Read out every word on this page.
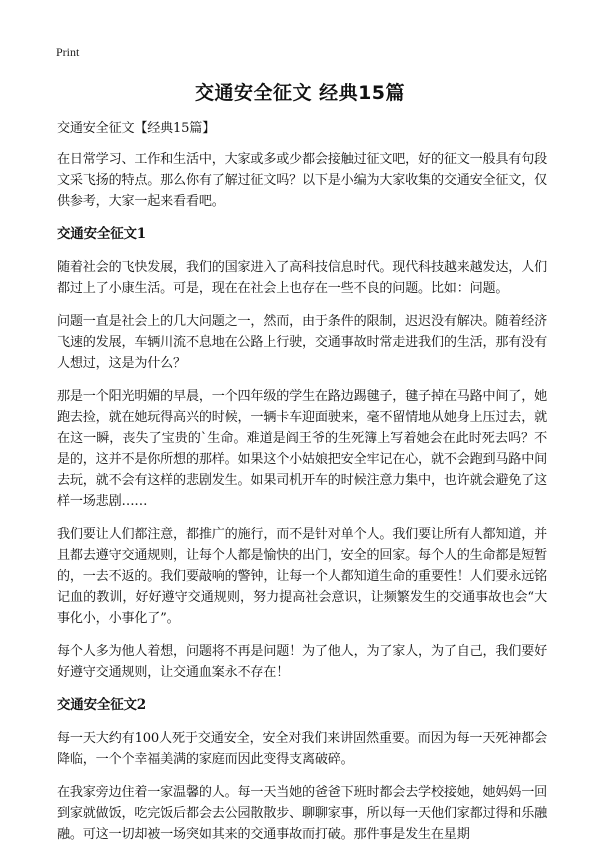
Print
交通安全征文 经典15篇

交通安全征文【经典15篇】

在日常学习、工作和生活中，大家或多或少都会接触过征文吧，好的征文一般具有句段文采飞扬的特点。那么你有了解过征文吗？以下是小编为大家收集的交通安全征文，仅供参考，大家一起来看看吧。

交通安全征文1

随着社会的飞快发展，我们的国家进入了高科技信息时代。现代科技越来越发达，人们都过上了小康生活。可是，现在在社会上也存在一些不良的问题。比如：问题。

问题一直是社会上的几大问题之一，然而，由于条件的限制，迟迟没有解决。随着经济飞速的发展，车辆川流不息地在公路上行驶，交通事故时常走进我们的生活，那有没有人想过，这是为什么？

那是一个阳光明媚的早晨，一个四年级的学生在路边踢毽子，毽子掉在马路中间了，她跑去捡，就在她玩得高兴的时候，一辆卡车迎面驶来，毫不留情地从她身上压过去，就在这一瞬，丧失了宝贵的`生命。难道是阎王爷的生死簿上写着她会在此时死去吗？不是的，这并不是你所想的那样。如果这个小姑娘把安全牢记在心，就不会跑到马路中间去玩，就不会有这样的悲剧发生。如果司机开车的时候注意力集中，也许就会避免了这样一场悲剧……

我们要让人们都注意，都推广的施行，而不是针对单个人。我们要让所有人都知道，并且都去遵守交通规则，让每个人都是愉快的出门，安全的回家。每个人的生命都是短暂的，一去不返的。我们要敲响的警钟，让每一个人都知道生命的重要性！人们要永远铭记血的教训，好好遵守交通规则，努力提高社会意识，让频繁发生的交通事故也会“大事化小，小事化了”。

每个人多为他人着想，问题将不再是问题！为了他人，为了家人，为了自己，我们要好好遵守交通规则，让交通血案永不存在！

交通安全征文2

每一天大约有100人死于交通安全，安全对我们来讲固然重要。而因为每一天死神都会降临，一个个幸福美满的家庭而因此变得支离破碎。

在我家旁边住着一家温馨的人。每一天当她的爸爸下班时都会去学校接她，她妈妈一回到家就做饭，吃完饭后都会去公园散散步、聊聊家事，所以每一天他们家都过得和乐融融。可这一切却被一场突如其来的交通事故而打破。那件事是发生在星期
